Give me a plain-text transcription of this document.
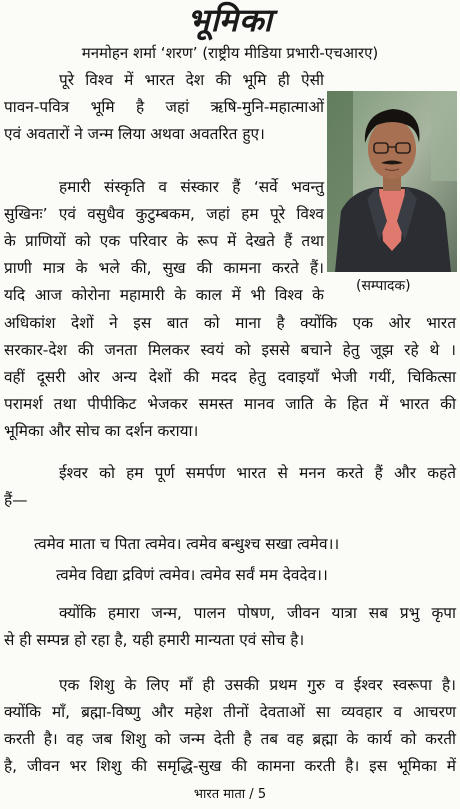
भूमिका
मनमोहन शर्मा ‘शरण’ (राष्ट्रीय मीडिया प्रभारी-एचआरए)
पूरे विश्व में भारत देश की भूमि ही ऐसी
पावन-पवित्र भूमि है जहां ऋषि-मुनि-महात्माओं
एवं अवतारों ने जन्म लिया अथवा अवतरित हुए।
हमारी संस्कृति व संस्कार हैं ‘सर्वे भवन्तु
सुखिनः’ एवं वसुधैव कुटुम्बकम, जहां हम पूरे विश्व
के प्राणियों को एक परिवार के रूप में देखते हैं तथा
प्राणी मात्र के भले की, सुख की कामना करते हैं।
यदि आज कोरोना महामारी के काल में भी विश्व के
अधिकांश देशों ने इस बात को माना है क्योंकि एक ओर भारत
सरकार-देश की जनता मिलकर स्वयं को इससे बचाने हेतु जूझ रहे थे ।
वहीं दूसरी ओर अन्य देशों की मदद हेतु दवाइयाँ भेजी गयीं, चिकित्सा
परामर्श तथा पीपीकिट भेजकर समस्त मानव जाति के हित में भारत की
भूमिका और सोच का दर्शन कराया।
ईश्वर को हम पूर्ण समर्पण भारत से मनन करते हैं और कहते
हैं—
त्वमेव माता च पिता त्वमेव। त्वमेव बन्धुश्च सखा त्वमेव।।
त्वमेव विद्या द्रविणं त्वमेव। त्वमेव सर्वं मम देवदेव।।
क्योंकि हमारा जन्म, पालन पोषण, जीवन यात्रा सब प्रभु कृपा
से ही सम्पन्न हो रहा है, यही हमारी मान्यता एवं सोच है।
एक शिशु के लिए माँ ही उसकी प्रथम गुरु व ईश्वर स्वरूपा है।
क्योंकि माँ, ब्रह्मा-विष्णु और महेश तीनों देवताओं सा व्यवहार व आचरण
करती है। वह जब शिशु को जन्म देती है तब वह ब्रह्मा के कार्य को करती
है, जीवन भर शिशु की समृद्धि-सुख की कामना करती है। इस भूमिका में
(सम्पादक)
भारत माता / 5
